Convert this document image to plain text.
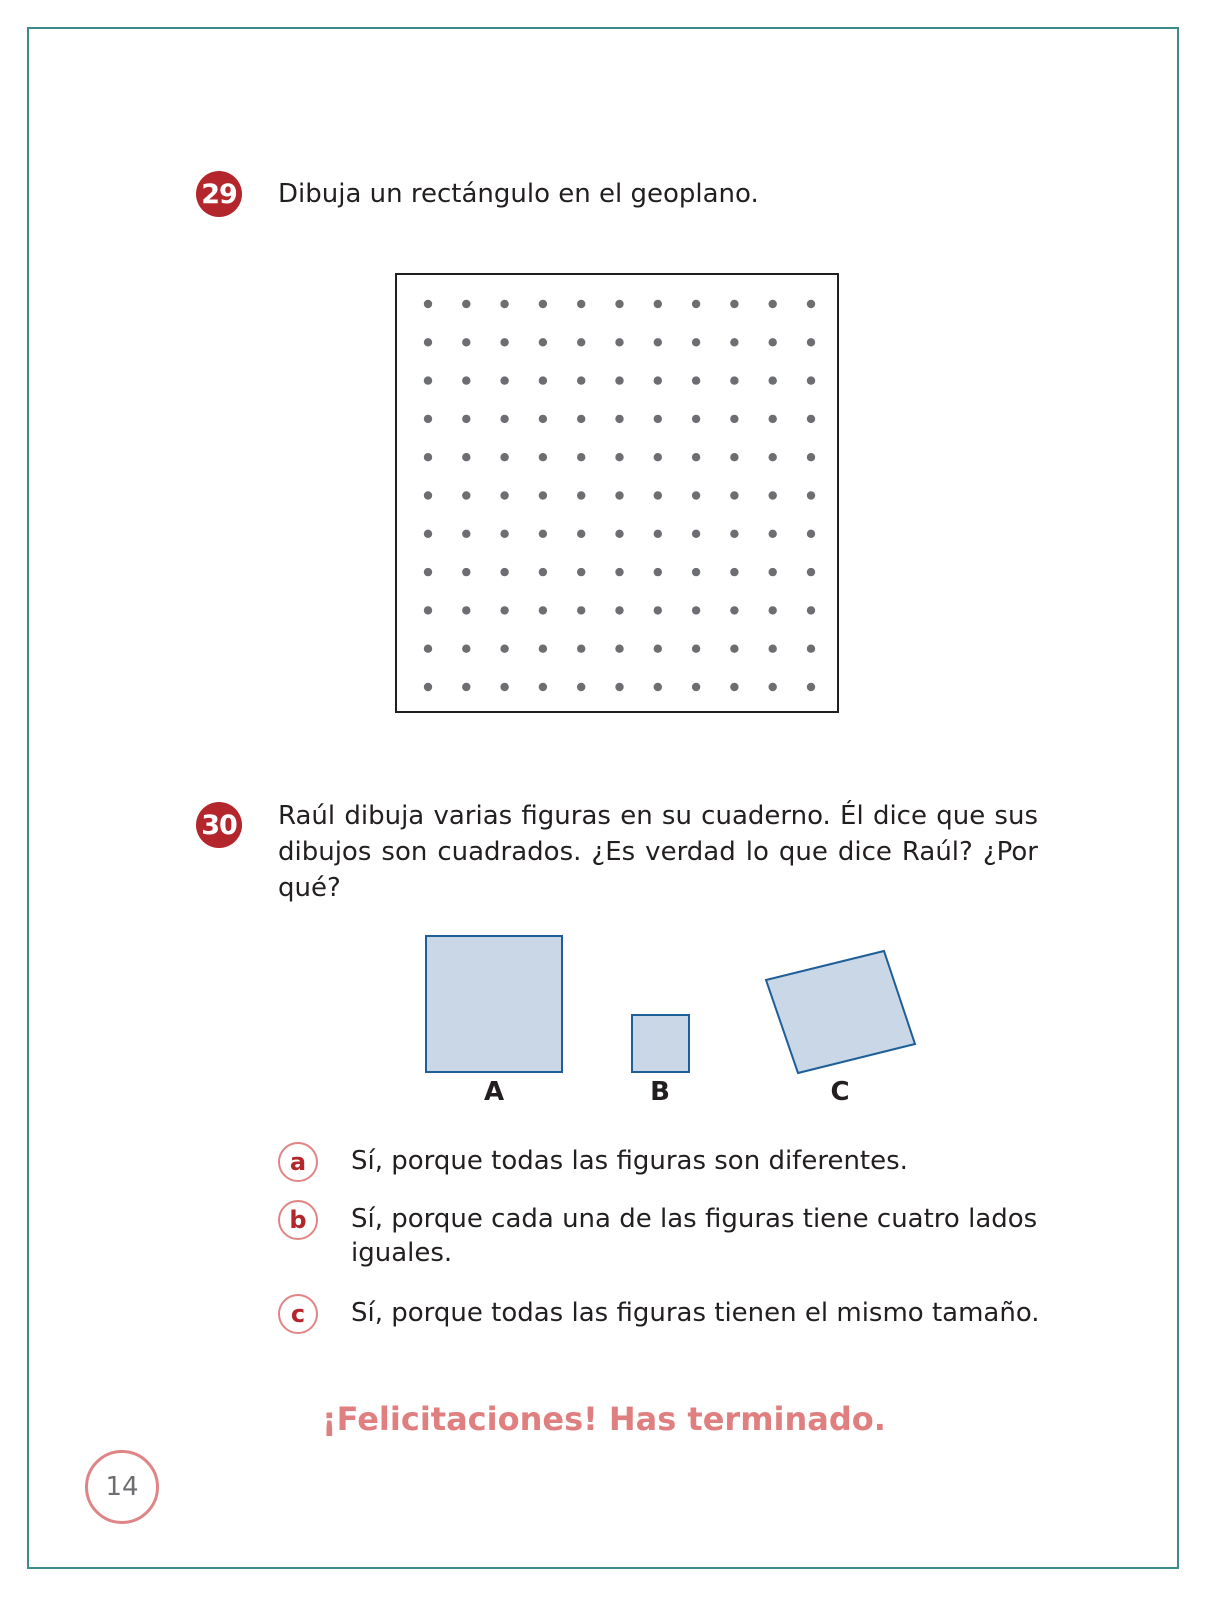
29 Dibuja un rectángulo en el geoplano.
30 Raúl dibuja varias figuras en su cuaderno. Él dice que sus dibujos son cuadrados. ¿Es verdad lo que dice Raúl? ¿Por qué?
A	B	C
a	Sí, porque todas las figuras son diferentes.
b	Sí, porque cada una de las figuras tiene cuatro lados iguales.
c	Sí, porque todas las figuras tienen el mismo tamaño.
¡Felicitaciones! Has terminado.
14
